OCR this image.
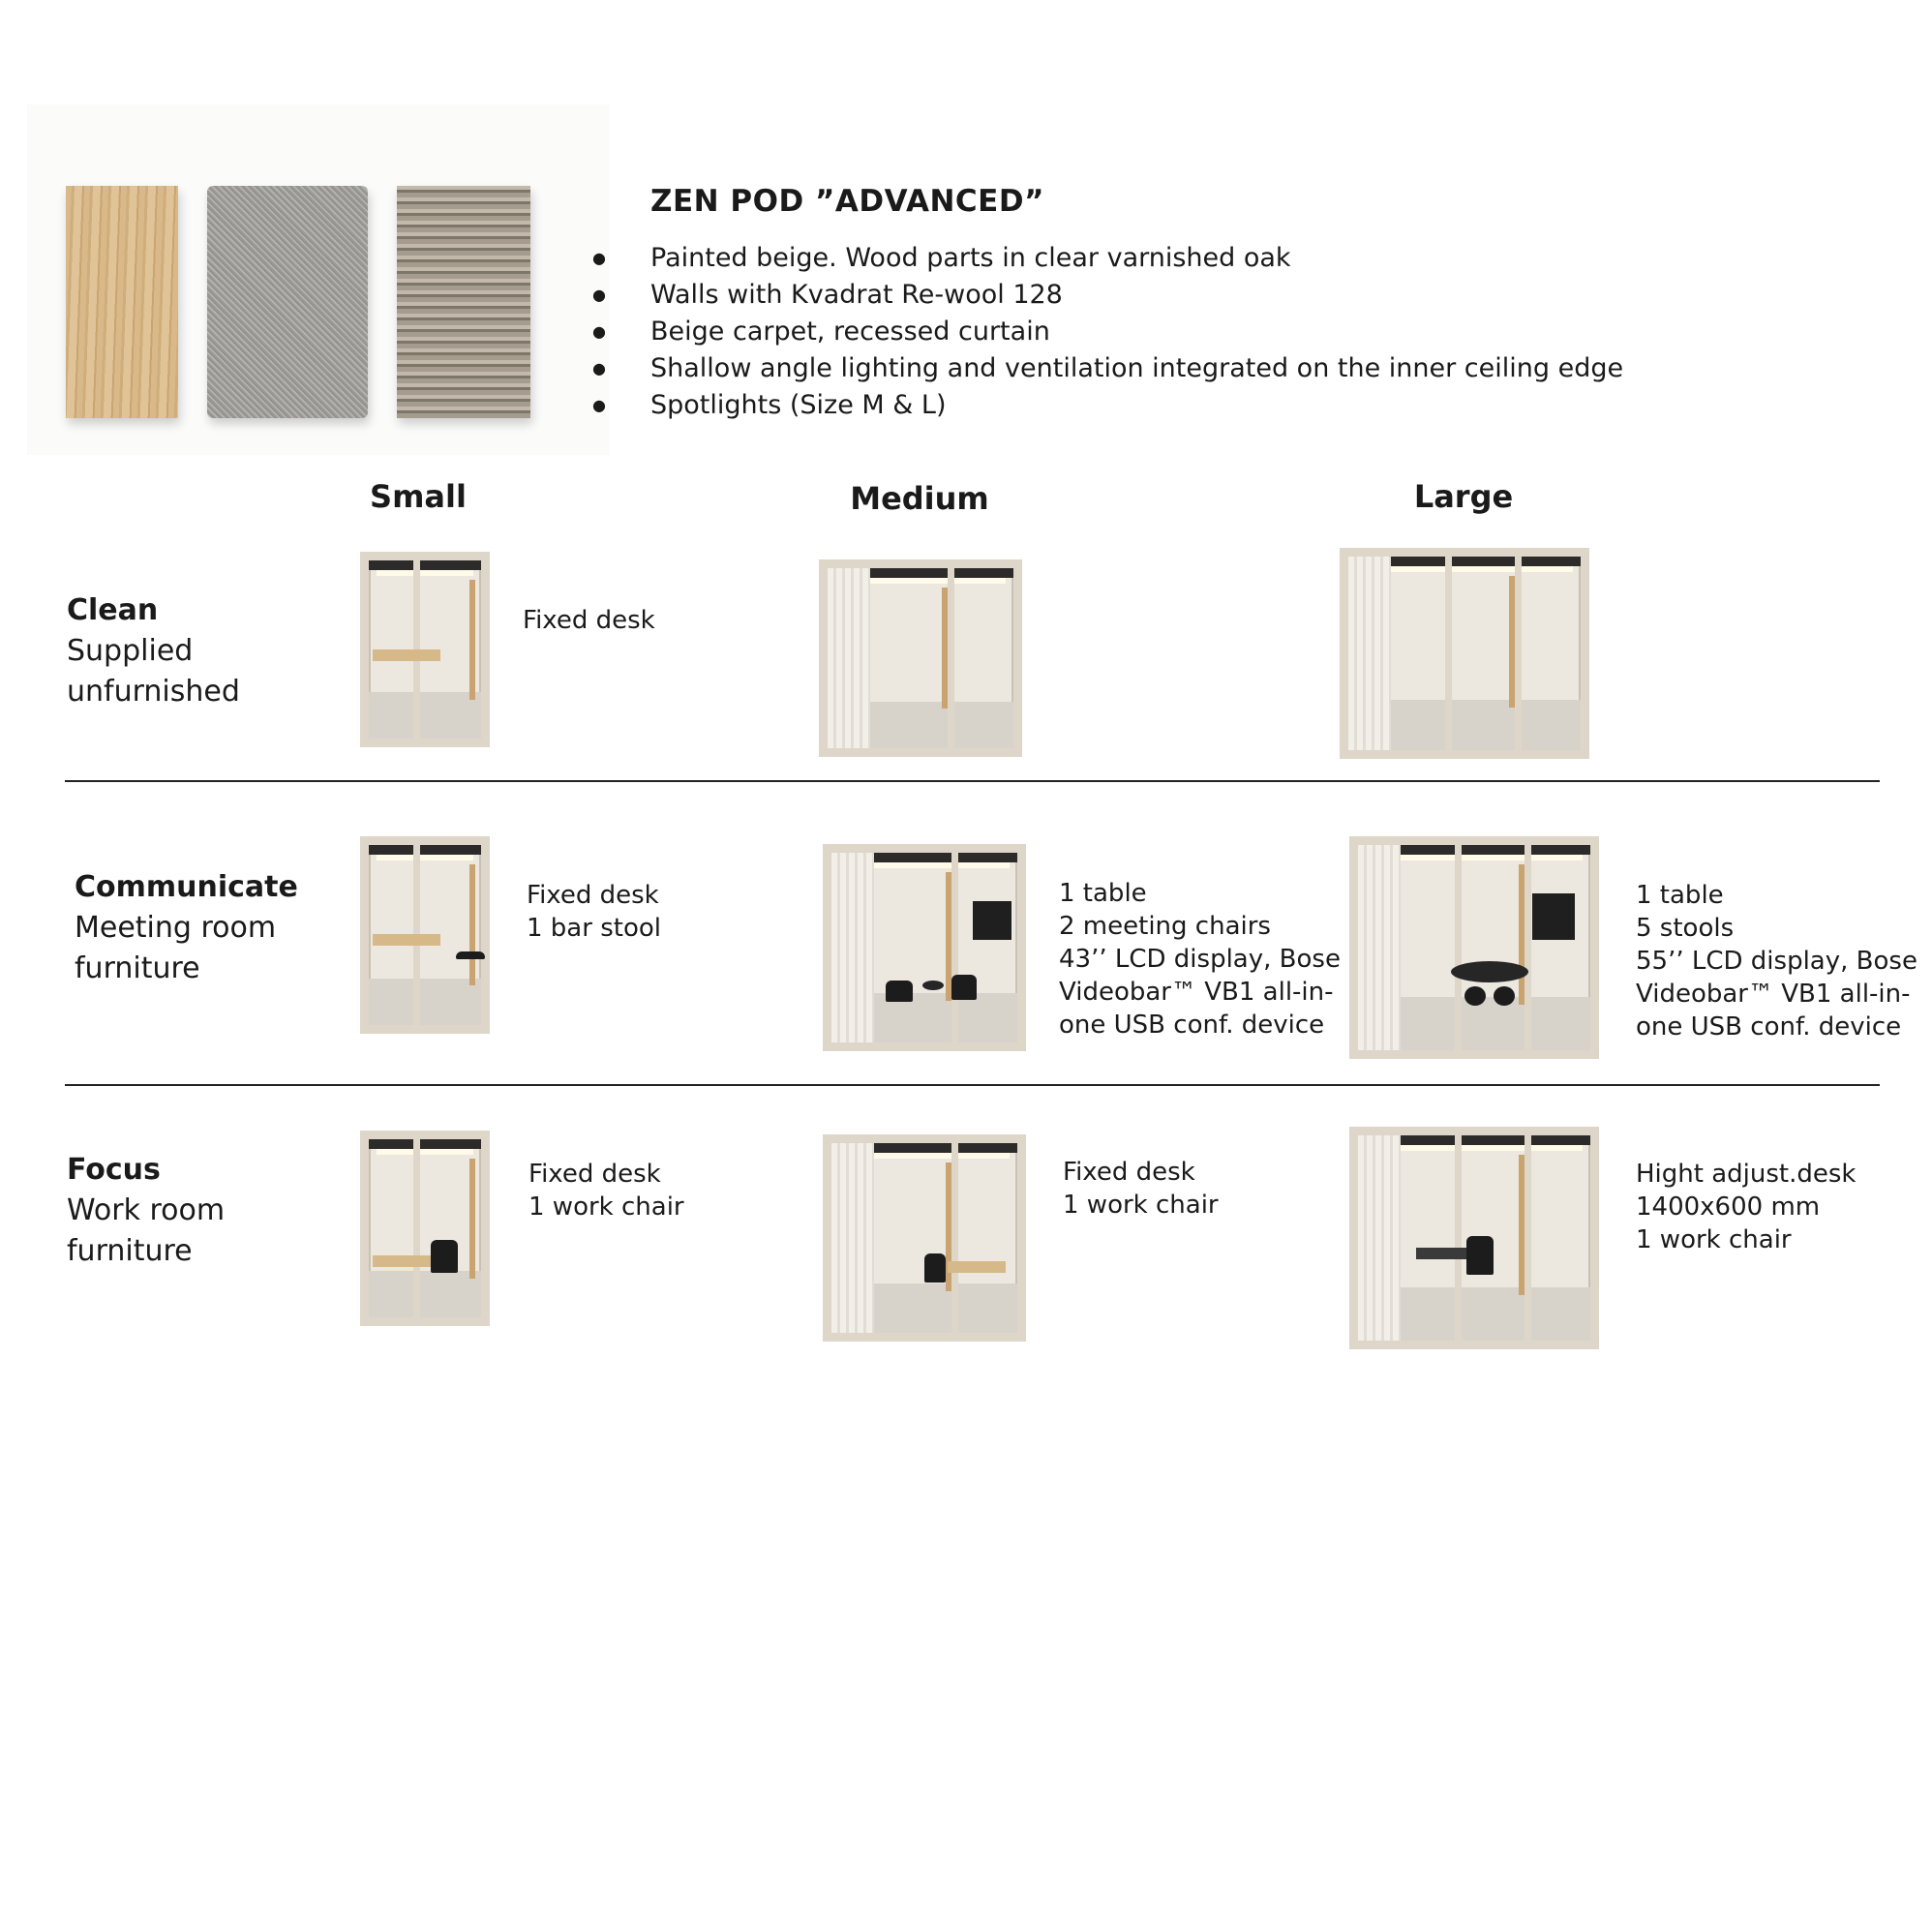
ZEN POD ”ADVANCED”
● Painted beige. Wood parts in clear varnished oak
● Walls with Kvadrat Re-wool 128
● Beige carpet, recessed curtain
● Shallow angle lighting and ventilation integrated on the inner ceiling edge
● Spotlights (Size M & L)
Small	Medium	Large
Clean
Supplied unfurnished
Fixed desk
Communicate
Meeting room furniture
Fixed desk
1 bar stool
1 table
2 meeting chairs
43’’ LCD display, Bose
Videobar™ VB1 all-in-
one USB conf. device
1 table
5 stools
55’’ LCD display, Bose
Videobar™ VB1 all-in-
one USB conf. device
Focus
Work room furniture
Fixed desk
1 work chair
Fixed desk
1 work chair
Hight adjust.desk
1400x600 mm
1 work chair
